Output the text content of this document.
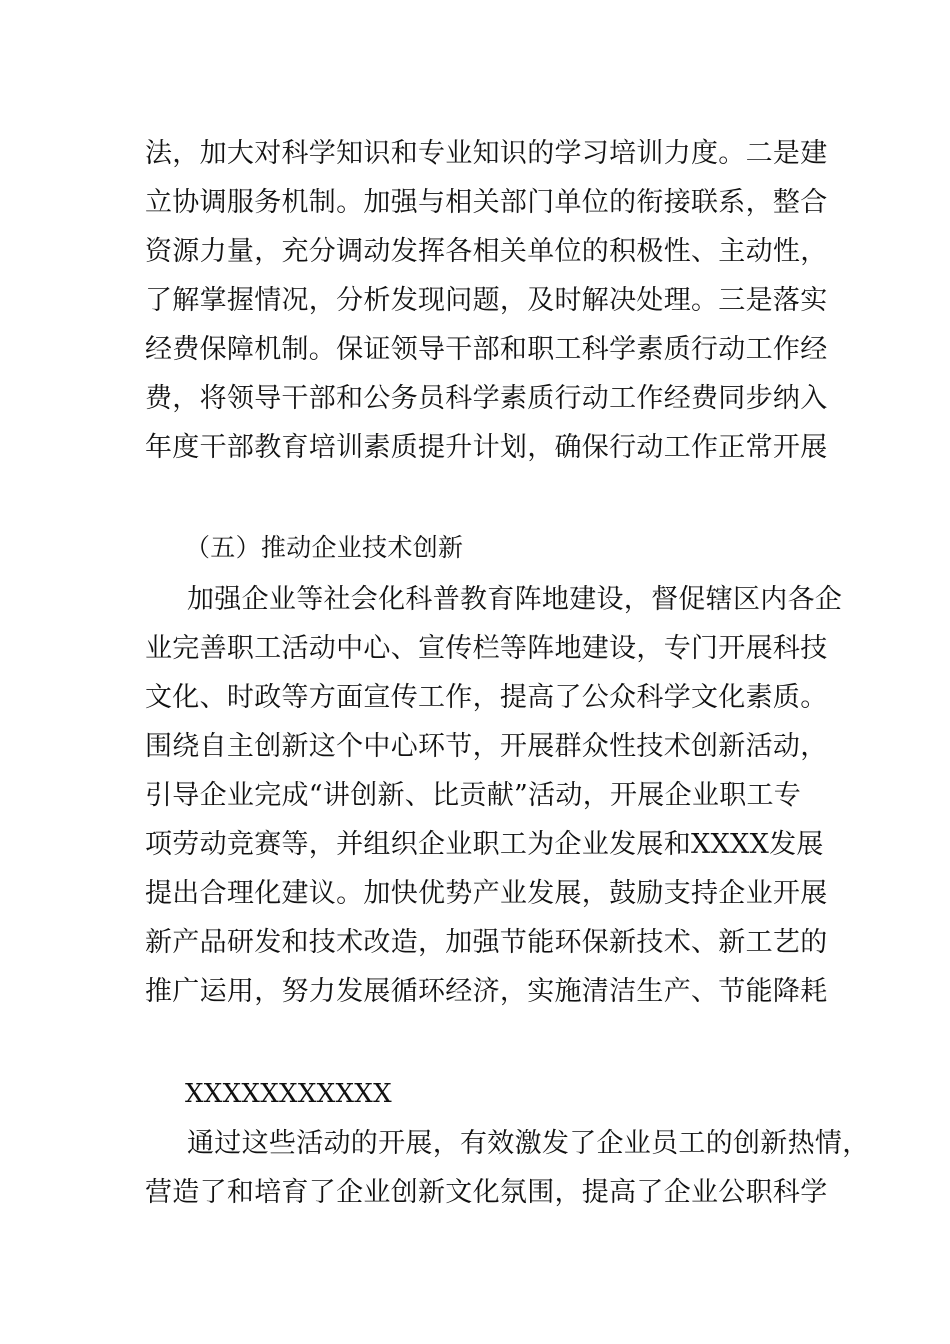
法，加大对科学知识和专业知识的学习培训力度。二是建
立协调服务机制。加强与相关部门单位的衔接联系，整合
资源力量，充分调动发挥各相关单位的积极性、主动性，
了解掌握情况，分析发现问题，及时解决处理。三是落实
经费保障机制。保证领导干部和职工科学素质行动工作经
费，将领导干部和公务员科学素质行动工作经费同步纳入
年度干部教育培训素质提升计划，确保行动工作正常开展
（五）推动企业技术创新
加强企业等社会化科普教育阵地建设，督促辖区内各企
业完善职工活动中心、宣传栏等阵地建设，专门开展科技
文化、时政等方面宣传工作，提高了公众科学文化素质。
围绕自主创新这个中心环节，开展群众性技术创新活动，
引导企业完成“讲创新、比贡献”活动，开展企业职工专
项劳动竞赛等，并组织企业职工为企业发展和XXXX发展
提出合理化建议。加快优势产业发展，鼓励支持企业开展
新产品研发和技术改造，加强节能环保新技术、新工艺的
推广运用，努力发展循环经济，实施清洁生产、节能降耗
XXXXXXXXXXX
通过这些活动的开展，有效激发了企业员工的创新热情，
营造了和培育了企业创新文化氛围，提高了企业公职科学
